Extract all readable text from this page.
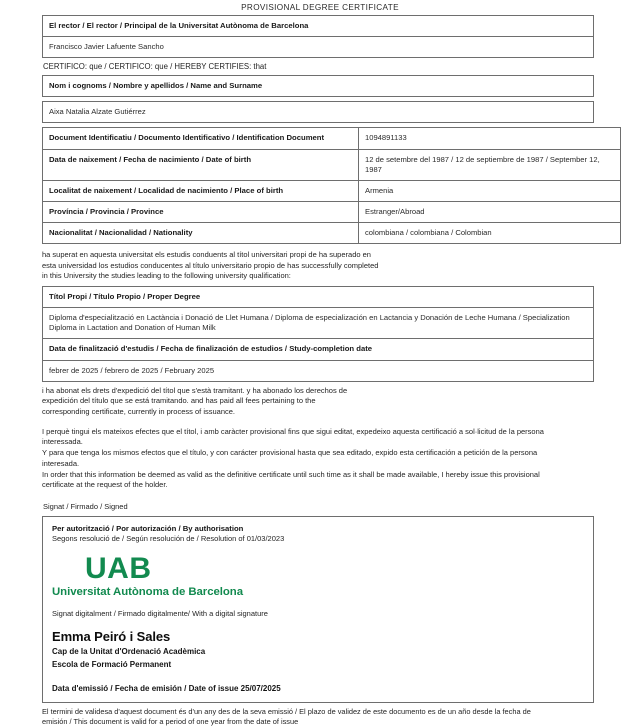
PROVISIONAL DEGREE CERTIFICATE
El rector / El rector / Principal de la Universitat Autònoma de Barcelona
Francisco Javier Lafuente Sancho
CERTIFICO: que / CERTIFICO: que / HEREBY CERTIFIES: that
Nom i cognoms / Nombre y apellidos / Name and Surname
Aixa Natalia Alzate Gutiérrez
Document Identificatiu / Documento Identificativo / Identification Document	1094891133
Data de naixement / Fecha de nacimiento / Date of birth	12 de setembre del 1987 / 12 de septiembre de 1987 / September 12, 1987
Localitat de naixement / Localidad de nacimiento / Place of birth	Armenia
Província / Provincia / Province	Estranger/Abroad
Nacionalitat / Nacionalidad / Nationality	colombiana / colombiana / Colombian

ha superat en aquesta universitat els estudis conduents al títol universitari propi de ha superado en
esta universidad los estudios conducentes al título universitario propio de has successfully completed
in this University the studies leading to the following university qualification:

Títol Propi / Título Propio / Proper Degree
Diploma d'especialització en Lactància i Donació de Llet Humana / Diploma de especialización en Lactancia y Donación de Leche Humana / Specialization Diploma in Lactation and Donation of Human Milk
Data de finalització d'estudis / Fecha de finalización de estudios / Study-completion date
febrer de 2025 / febrero de 2025 / February 2025

i ha abonat els drets d'expedició del títol que s'està tramitant. y ha abonado los derechos de
expedición del título que se está tramitando. and has paid all fees pertaining to the
corresponding certificate, currently in process of issuance.

I perquè tingui els mateixos efectes que el títol, i amb caràcter provisional fins que sigui editat, expedeixo aquesta certificació a sol·licitud de la persona
interessada.
Y para que tenga los mismos efectos que el título, y con carácter provisional hasta que sea editado, expido esta certificación a petición de la persona
interesada.
In order that this information be deemed as valid as the definitive certificate until such time as it shall be made available, I hereby issue this provisional
certificate at the request of the holder.

Signat / Firmado / Signed
Per autorització / Por autorización / By authorisation
Segons resolució de / Según resolución de / Resolution of 01/03/2023
UAB
Universitat Autònoma de Barcelona
Signat digitalment / Firmado digitalmente/ With a digital signature
Emma Peiró i Sales
Cap de la Unitat d'Ordenació Acadèmica
Escola de Formació Permanent
Data d'emissió / Fecha de emisión / Date of issue 25/07/2025
El termini de validesa d'aquest document és d'un any des de la seva emissió / El plazo de validez de este documento es de un año desde la fecha de
emisión / This document is valid for a period of one year from the date of issue
